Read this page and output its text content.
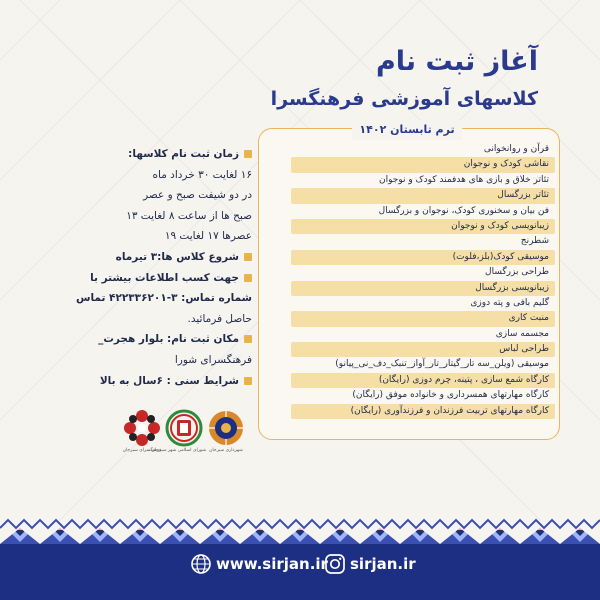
آغاز ثبت نام
کلاسهای آموزشی فرهنگسرا
قرآن و روانخوانی
نقاشی کودک و نوجوان
تئاتر خلاق و بازی های هدفمند کودک و نوجوان
تئاتر بزرگسال
فن بیان و سخنوری کودک، نوجوان و بزرگسال
زیبانویسی کودک و نوجوان
شطرنج
موسیقی کودک(بلز،فلوت)
طراحی بزرگسال
زیبانویسی بزرگسال
گلیم بافی و پته دوزی
منبت کاری
مجسمه سازی
طراحی لباس
موسیقی (ویلن_سه تار_گیتار_تار_آواز_تنبک_دف_نی_پیانو)
کارگاه شمع سازی ، پتینه، چرم دوزی (رایگان)
کارگاه مهارتهای همسرداری و خانواده موفق (رایگان)
کارگاه مهارتهای تربیت فرزندان و فرزندآوری (رایگان)
ترم تابستان ۱۴۰۲
زمان ثبت نام کلاسها:
۱۶ لغایت ۳۰ خرداد ماه
در دو شیفت صبح و عصر
صبح ها از ساعت ۸ لغایت ۱۳
عصرها ۱۷ لغایت ۱۹
شروع کلاس ها:۳ تیرماه
جهت کسب اطلاعات بیشتر با
شماره تماس: ۳-۴۲۲۳۳۶۲۰۱ تماس
حاصل فرمائید.
مکان ثبت نام: بلوار هجرت_
فرهنگسرای شورا
شرایط سنی : ۶سال به بالا
شهرداری سیرجان
شورای اسلامی شهر سیرجان
فرهنگسرای سیرجان
www.sirjan.ir sirjan.ir
